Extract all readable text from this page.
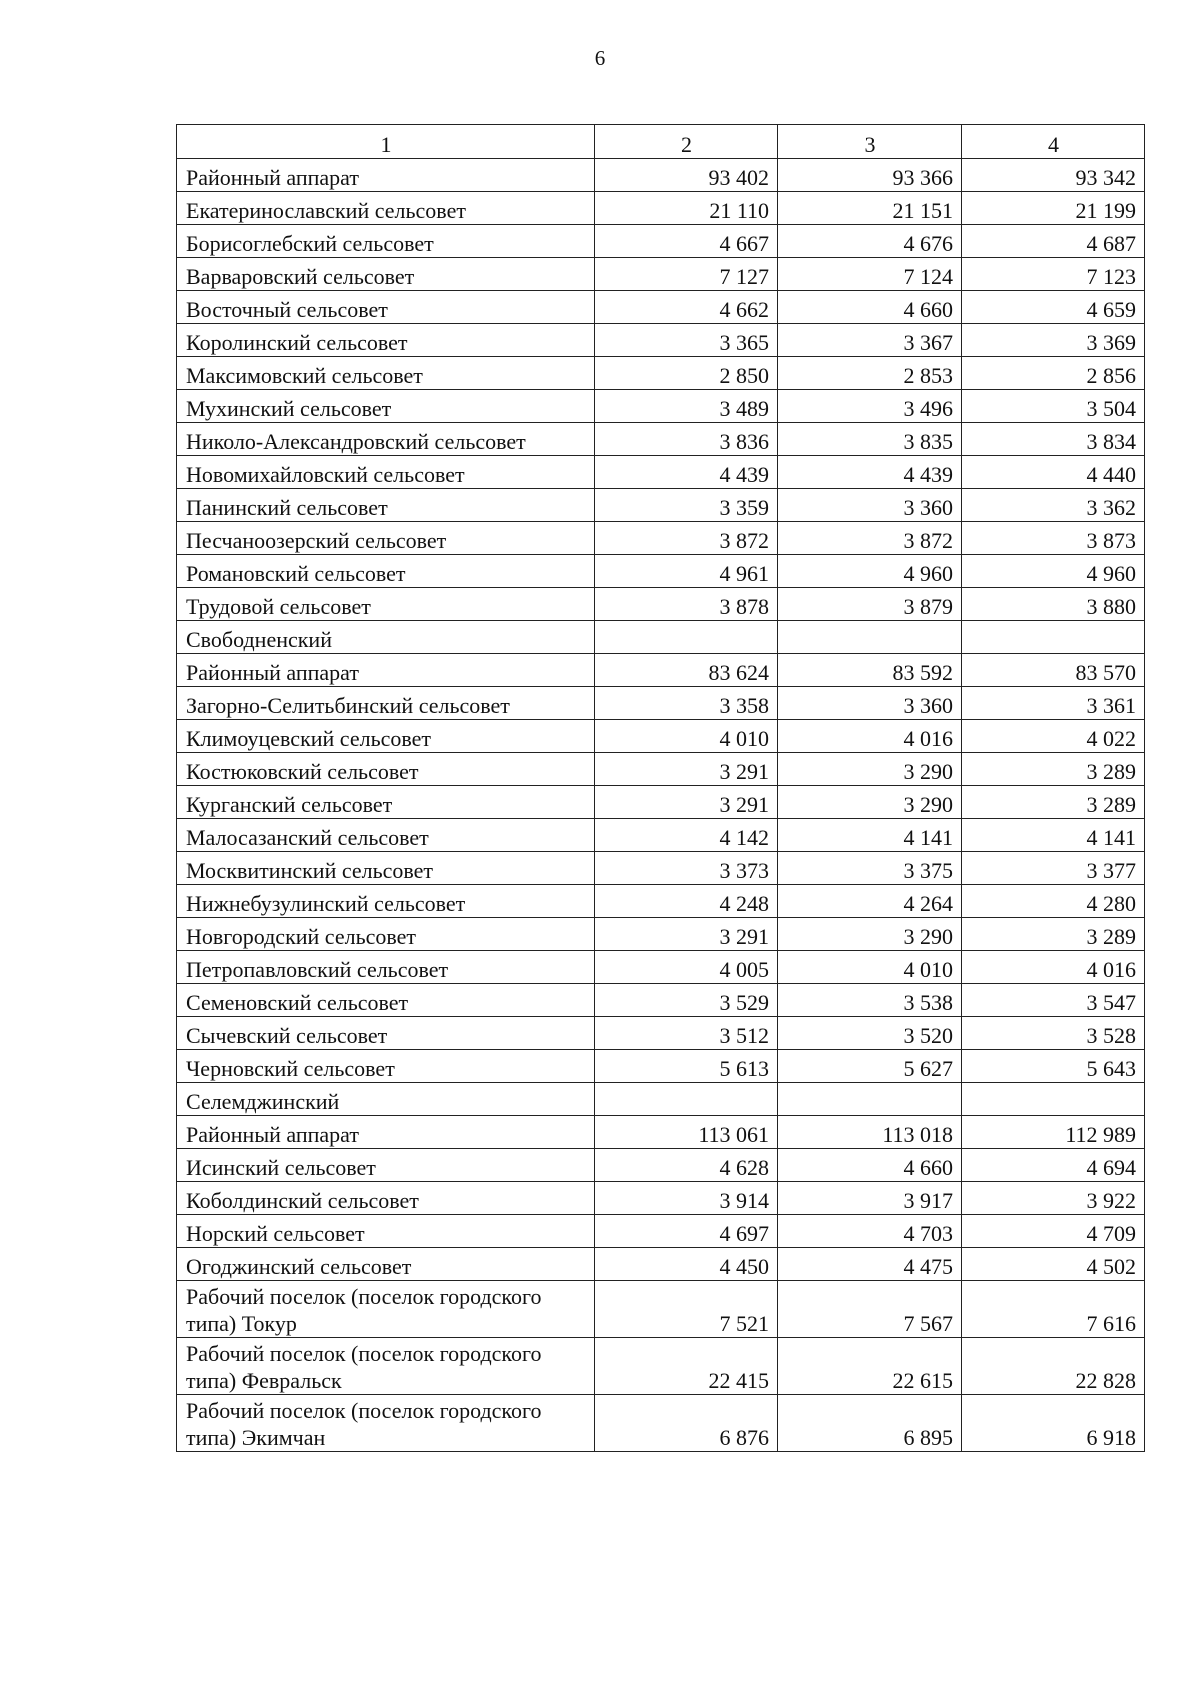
6
1	2	3	4
Районный аппарат	93 402	93 366	93 342
Екатеринославский сельсовет	21 110	21 151	21 199
Борисоглебский сельсовет	4 667	4 676	4 687
Варваровский сельсовет	7 127	7 124	7 123
Восточный сельсовет	4 662	4 660	4 659
Королинский сельсовет	3 365	3 367	3 369
Максимовский сельсовет	2 850	2 853	2 856
Мухинский сельсовет	3 489	3 496	3 504
Николо-Александровский сельсовет	3 836	3 835	3 834
Новомихайловский сельсовет	4 439	4 439	4 440
Панинский сельсовет	3 359	3 360	3 362
Песчаноозерский сельсовет	3 872	3 872	3 873
Романовский сельсовет	4 961	4 960	4 960
Трудовой сельсовет	3 878	3 879	3 880
Свободненский			
Районный аппарат	83 624	83 592	83 570
Загорно-Селитьбинский сельсовет	3 358	3 360	3 361
Климоуцевский сельсовет	4 010	4 016	4 022
Костюковский сельсовет	3 291	3 290	3 289
Курганский сельсовет	3 291	3 290	3 289
Малосазанский сельсовет	4 142	4 141	4 141
Москвитинский сельсовет	3 373	3 375	3 377
Нижнебузулинский сельсовет	4 248	4 264	4 280
Новгородский сельсовет	3 291	3 290	3 289
Петропавловский сельсовет	4 005	4 010	4 016
Семеновский сельсовет	3 529	3 538	3 547
Сычевский сельсовет	3 512	3 520	3 528
Черновский сельсовет	5 613	5 627	5 643
Селемджинский			
Районный аппарат	113 061	113 018	112 989
Исинский сельсовет	4 628	4 660	4 694
Коболдинский сельсовет	3 914	3 917	3 922
Норский сельсовет	4 697	4 703	4 709
Огоджинский сельсовет	4 450	4 475	4 502
Рабочий поселок (поселок городского типа) Токур	7 521	7 567	7 616
Рабочий поселок (поселок городского типа) Февральск	22 415	22 615	22 828
Рабочий поселок (поселок городского типа) Экимчан	6 876	6 895	6 918
